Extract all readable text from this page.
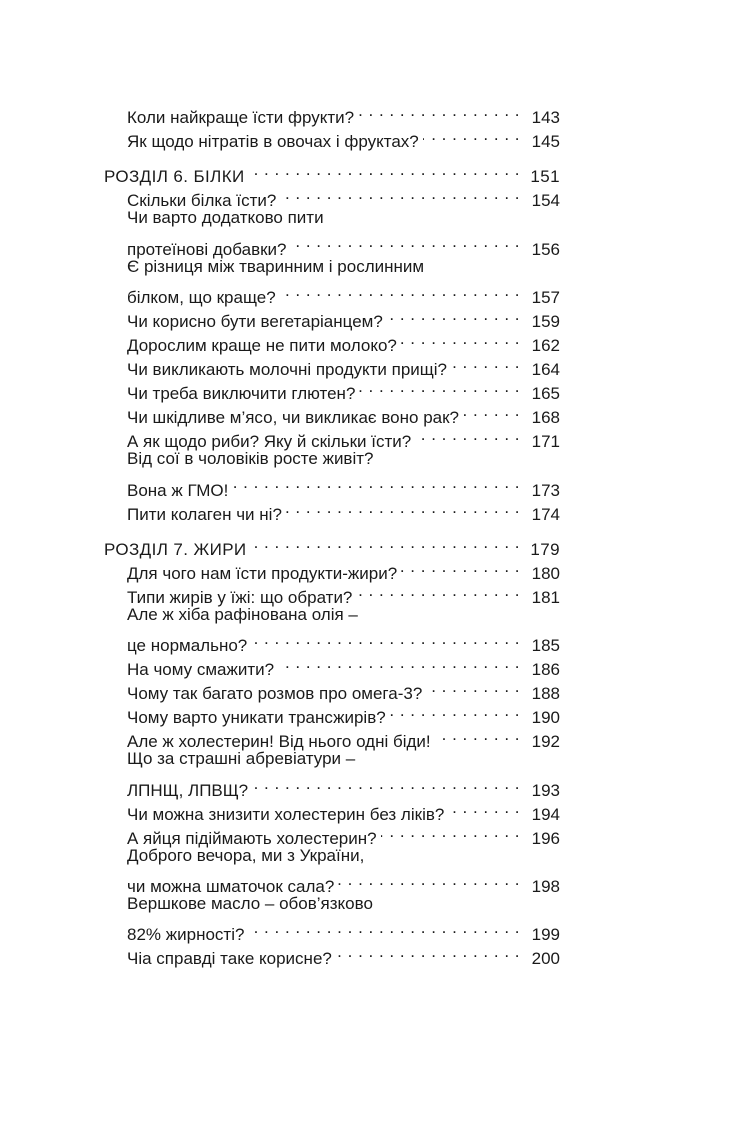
Коли найкраще їсти фрукти? . . .	143
Як щодо нітратів в овочах і фруктах? . . .	145
РОЗДІЛ 6. БІЛКИ . . .	151
Скільки білка їсти? . . .	154
Чи варто додатково пити
протеїнові добавки? . . .	156
Є різниця між тваринним і рослинним
білком, що краще? . . .	157
Чи корисно бути вегетаріанцем? . . .	159
Дорослим краще не пити молоко? . . .	162
Чи викликають молочні продукти прищі? . . .	164
Чи треба виключити глютен? . . .	165
Чи шкідливе м’ясо, чи викликає воно рак? . . .	168
А як щодо риби? Яку й скільки їсти? . . .	171
Від сої в чоловіків росте живіт?
Вона ж ГМО! . . .	173
Пити колаген чи ні? . . .	174
РОЗДІЛ 7. ЖИРИ . . .	179
Для чого нам їсти продукти-жири? . . .	180
Типи жирів у їжі: що обрати? . . .	181
Але ж хіба рафінована олія –
це нормально? . . .	185
На чому смажити? . . .	186
Чому так багато розмов про омега-3? . . .	188
Чому варто уникати трансжирів? . . .	190
Але ж холестерин! Від нього одні біди! . . .	192
Що за страшні абревіатури –
ЛПНЩ, ЛПВЩ? . . .	193
Чи можна знизити холестерин без ліків? . . .	194
А яйця підіймають холестерин? . . .	196
Доброго вечора, ми з України,
чи можна шматочок сала? . . .	198
Вершкове масло – обов’язково
82% жирності? . . .	199
Чіа справді таке корисне? . . .	200
